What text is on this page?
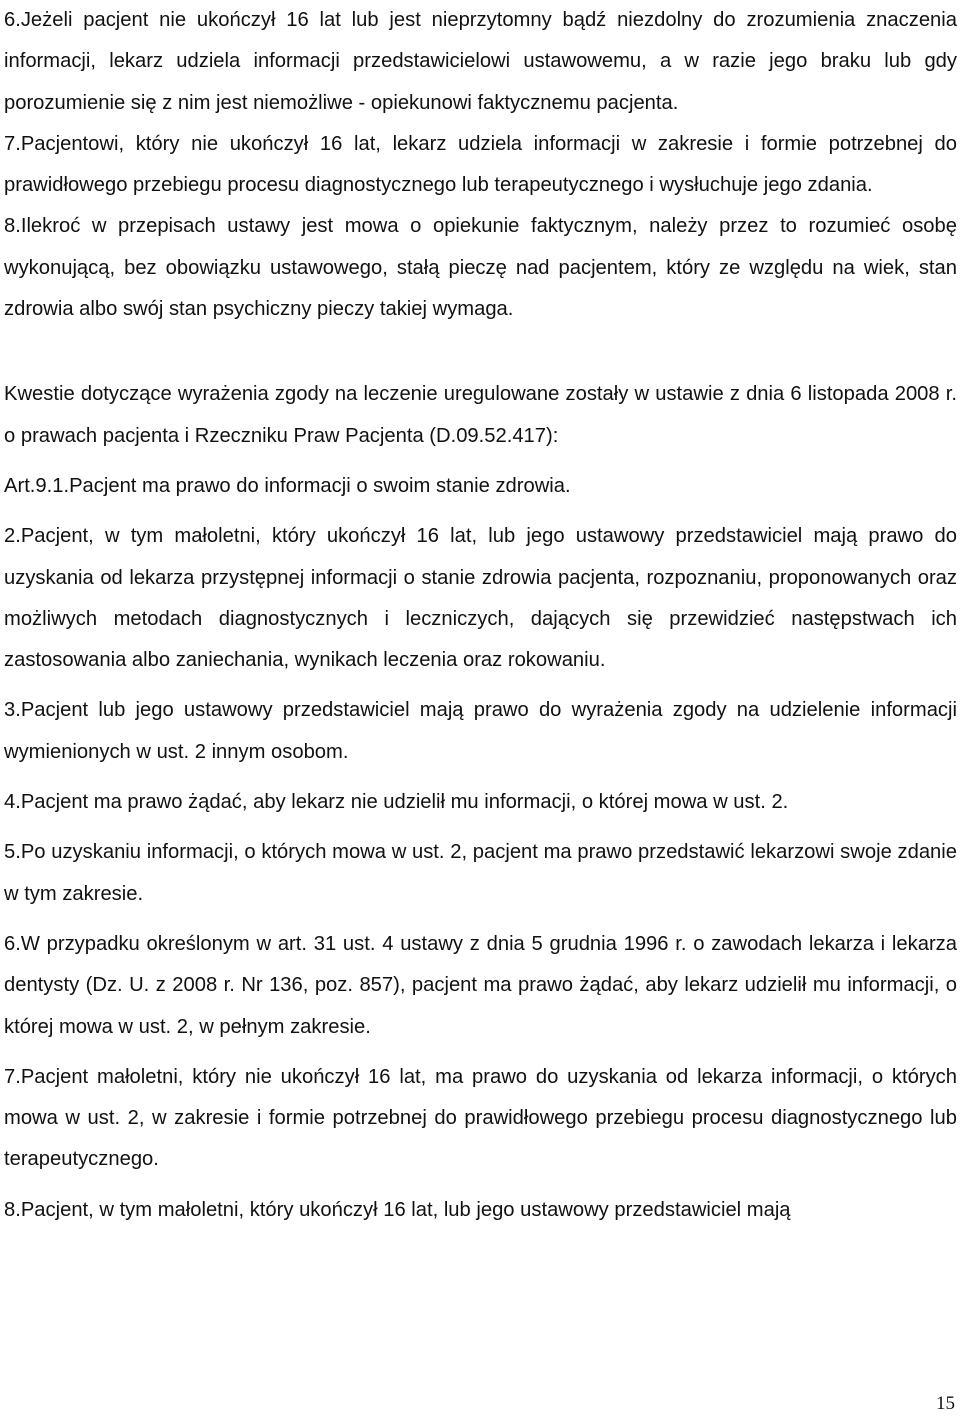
6.Jeżeli pacjent nie ukończył 16 lat lub jest nieprzytomny bądź niezdolny do zrozumienia znaczenia informacji, lekarz udziela informacji przedstawicielowi ustawowemu, a w razie jego braku lub gdy porozumienie się z nim jest niemożliwe - opiekunowi faktycznemu pacjenta.

7.Pacjentowi, który nie ukończył 16 lat, lekarz udziela informacji w zakresie i formie potrzebnej do prawidłowego przebiegu procesu diagnostycznego lub terapeutycznego i wysłuchuje jego zdania.

8.Ilekroć w przepisach ustawy jest mowa o opiekunie faktycznym, należy przez to rozumieć osobę wykonującą, bez obowiązku ustawowego, stałą pieczę nad pacjentem, który ze względu na wiek, stan zdrowia albo swój stan psychiczny pieczy takiej wymaga.

Kwestie dotyczące wyrażenia zgody na leczenie uregulowane zostały w ustawie z dnia 6 listopada 2008 r. o prawach pacjenta i Rzeczniku Praw Pacjenta (D.09.52.417):

Art.9.1.Pacjent ma prawo do informacji o swoim stanie zdrowia.

2.Pacjent, w tym małoletni, który ukończył 16 lat, lub jego ustawowy przedstawiciel mają prawo do uzyskania od lekarza przystępnej informacji o stanie zdrowia pacjenta, rozpoznaniu, proponowanych oraz możliwych metodach diagnostycznych i leczniczych, dających się przewidzieć następstwach ich zastosowania albo zaniechania, wynikach leczenia oraz rokowaniu.

3.Pacjent lub jego ustawowy przedstawiciel mają prawo do wyrażenia zgody na udzielenie informacji wymienionych w ust. 2 innym osobom.

4.Pacjent ma prawo żądać, aby lekarz nie udzielił mu informacji, o której mowa w ust. 2.

5.Po uzyskaniu informacji, o których mowa w ust. 2, pacjent ma prawo przedstawić lekarzowi swoje zdanie w tym zakresie.

6.W przypadku określonym w art. 31 ust. 4 ustawy z dnia 5 grudnia 1996 r. o zawodach lekarza i lekarza dentysty (Dz. U. z 2008 r. Nr 136, poz. 857), pacjent ma prawo żądać, aby lekarz udzielił mu informacji, o której mowa w ust. 2, w pełnym zakresie.

7.Pacjent małoletni, który nie ukończył 16 lat, ma prawo do uzyskania od lekarza informacji, o których mowa w ust. 2, w zakresie i formie potrzebnej do prawidłowego przebiegu procesu diagnostycznego lub terapeutycznego.

8.Pacjent, w tym małoletni, który ukończył 16 lat, lub jego ustawowy przedstawiciel mają

15
